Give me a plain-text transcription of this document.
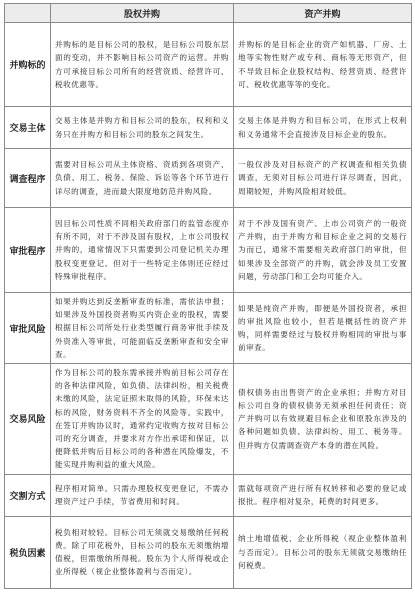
	股权并购	资产并购
并购标的	并购标的是目标公司的股权，是目标公司股东层面的变动，并不影响目标公司资产的运营。并购方可承接目标公司所有的经营资质、经营许可、税收优惠等。	并购标的是目标企业的资产如机器、厂房、土地等实物性财产或专利、商标等无形资产，但不导致目标企业股权结构、经营资质、经营许可、税收优惠等等的变化。
交易主体	交易主体是并购方和目标公司的股东，权利和义务只在并购方和目标公司的股东之间发生。	交易主体是并购方和目标公司，在形式上权利和义务通常不会直接涉及目标企业的股东。
调查程序	需要对目标公司从主体资格、资质到各项资产、负债、用工、税务、保险、诉讼等各个环节进行详尽的调查，进而最大限度地防范并购风险。	一般仅涉及对目标资产的产权调查和相关负债调查，无须对目标公司进行详尽调查，因此，周期较短，并购风险相对较低。
审批程序	因目标公司性质不同相关政府部门的监管态度亦有所不同，对于不涉及国有股权，上市公司股权并购的，通常情况下只需要到公司登记机关办理股权变更登记。但对于一些特定主体则还应经过特殊审批程序。	对于不涉及国有资产、上市公司资产的一般资产并购，由于并购方和目标企业之间的交易行为而已，通常不需要相关政府部门的审批，但如果涉及全部资产的并购，就会涉及员工安置问题，劳动部门和工会均可能介入。
审批风险	如果并购达到反垄断审查的标准，需依法申报；如果涉及外国投资者购买内资企业的股权，需要根据目标公司所处行业类型履行商务审批手续及外资准入等审批，可能面临反垄断审查和安全审查。	如果是纯资产并购，即便是外国投资者，承担的审批风险也较小，但若是概括性的资产并购，同样需要经过与股权并购相同的审批与事前审查。
交易风险	作为目标公司的股东需承接并购前目标公司存在的各种法律风险，如负债、法律纠纷，相关税费未缴的风险，法定证照未取得的风险，环保未达标的风险，财务资料不齐全的风险等。实践中，在签订并购协议时，通常约定收购方按对目标公司的充分调查，并要求对方作出承诺和保证，以便降低并购后目标公司的各种潜在风险爆发，不能实现并购利益的重大风险。	债权债务由出售资产的企业承担；并购方对目标公司自身的债权债务无须承担任何责任；资产并购可以有效规避目标企业和原股东涉及的各种问题如负债、法律纠纷、用工、税务等。但并购方仅需调查资产本身的潜在风险。
交割方式	程序相对简单。只需办理股权变更登记，不需办理资产过户手续，节省费用和时间。	需就每项资产进行所有权转移和必要的登记或报批。程序相对复杂，耗费的时间更多。
税负因素	税负相对较轻。目标公司无须就交易缴纳任何税费。除了印花税外，目标公司的股东无须缴纳增值税，但需缴纳所得税。股东为个人所得税或企业所得税（视企业整体盈利与否而定）。	纳土地增值税、企业所得税（视企业整体盈利与否而定）。目标公司的股东无须就交易缴纳任何税费。
